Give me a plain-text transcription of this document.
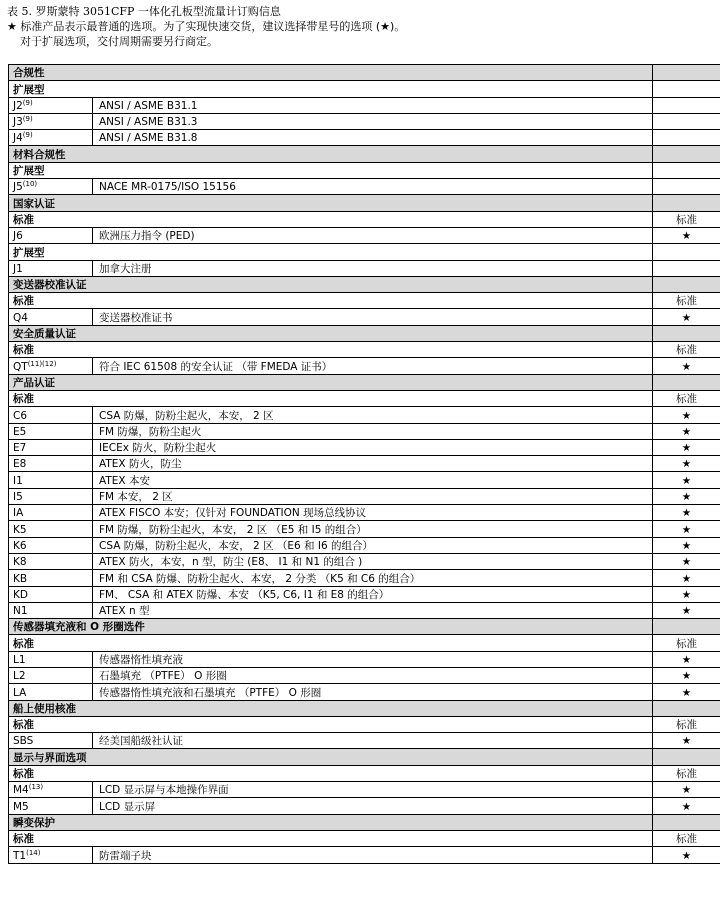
表 5. 罗斯蒙特 3051CFP 一体化孔板型流量计订购信息
★ 标准产品表示最普通的选项。为了实现快速交货，建议选择带星号的选项 (★)。
对于扩展选项，交付周期需要另行商定。
合规性		
扩展型		
J2$^{(9)}$	ANSI / ASME B31.1	
J3$^{(9)}$	ANSI / ASME B31.3	
J4$^{(9)}$	ANSI / ASME B31.8	
材料合规性		
扩展型		
J5$^{(10)}$	NACE MR-0175/ISO 15156	
国家认证		
标准		标准
J6	欧洲压力指令 (PED)	★
扩展型		
J1	加拿大注册	
变送器校准认证		
标准		标准
Q4	变送器校准证书	★
安全质量认证		
标准		标准
$QT^{(11)(12)}$	符合 IEC 61508 的安全认证 （带 FMEDA 证书）	★
产品认证		
标准		标准
C6	CSA 防爆，防粉尘起火，本安， 2 区	★
E5	FM 防爆，防粉尘起火	★
E7	IECEx 防火，防粉尘起火	★
E8	ATEX 防火，防尘	★
I1	ATEX 本安	★
I5	FM 本安， 2 区	★
IA	ATEX FISCO 本安；仅针对 FOUNDATION 现场总线协议	★
K5	FM 防爆，防粉尘起火，本安， 2 区 （E5 和 I5 的组合）	★
K6	CSA 防爆，防粉尘起火，本安， 2 区 （E6 和 I6 的组合）	★
K8	ATEX 防火，本安，n 型，防尘 (E8、 I1 和 N1 的组合 )	★
KB	FM 和 CSA 防爆、防粉尘起火、本安， 2 分类 （K5 和 C6 的组合）	★
KD	FM、 CSA 和 ATEX 防爆、本安 （K5, C6, I1 和 E8 的组合）	★
N1	ATEX n 型	★
传感器填充液和 O 形圈选件		
标准		标准
L1	传感器惰性填充液	★
L2	石墨填充 （PTFE） O 形圈	★
LA	传感器惰性填充液和石墨填充 （PTFE） O 形圈	★
船上使用核准		
标准		标准
SBS	经美国船级社认证	★
显示与界面选项		
标准		标准
M4$^{(13)}$	LCD 显示屏与本地操作界面	★
M5	LCD 显示屏	★
瞬变保护		
标准		标准
T1$^{(14)}$	防雷端子块	★
